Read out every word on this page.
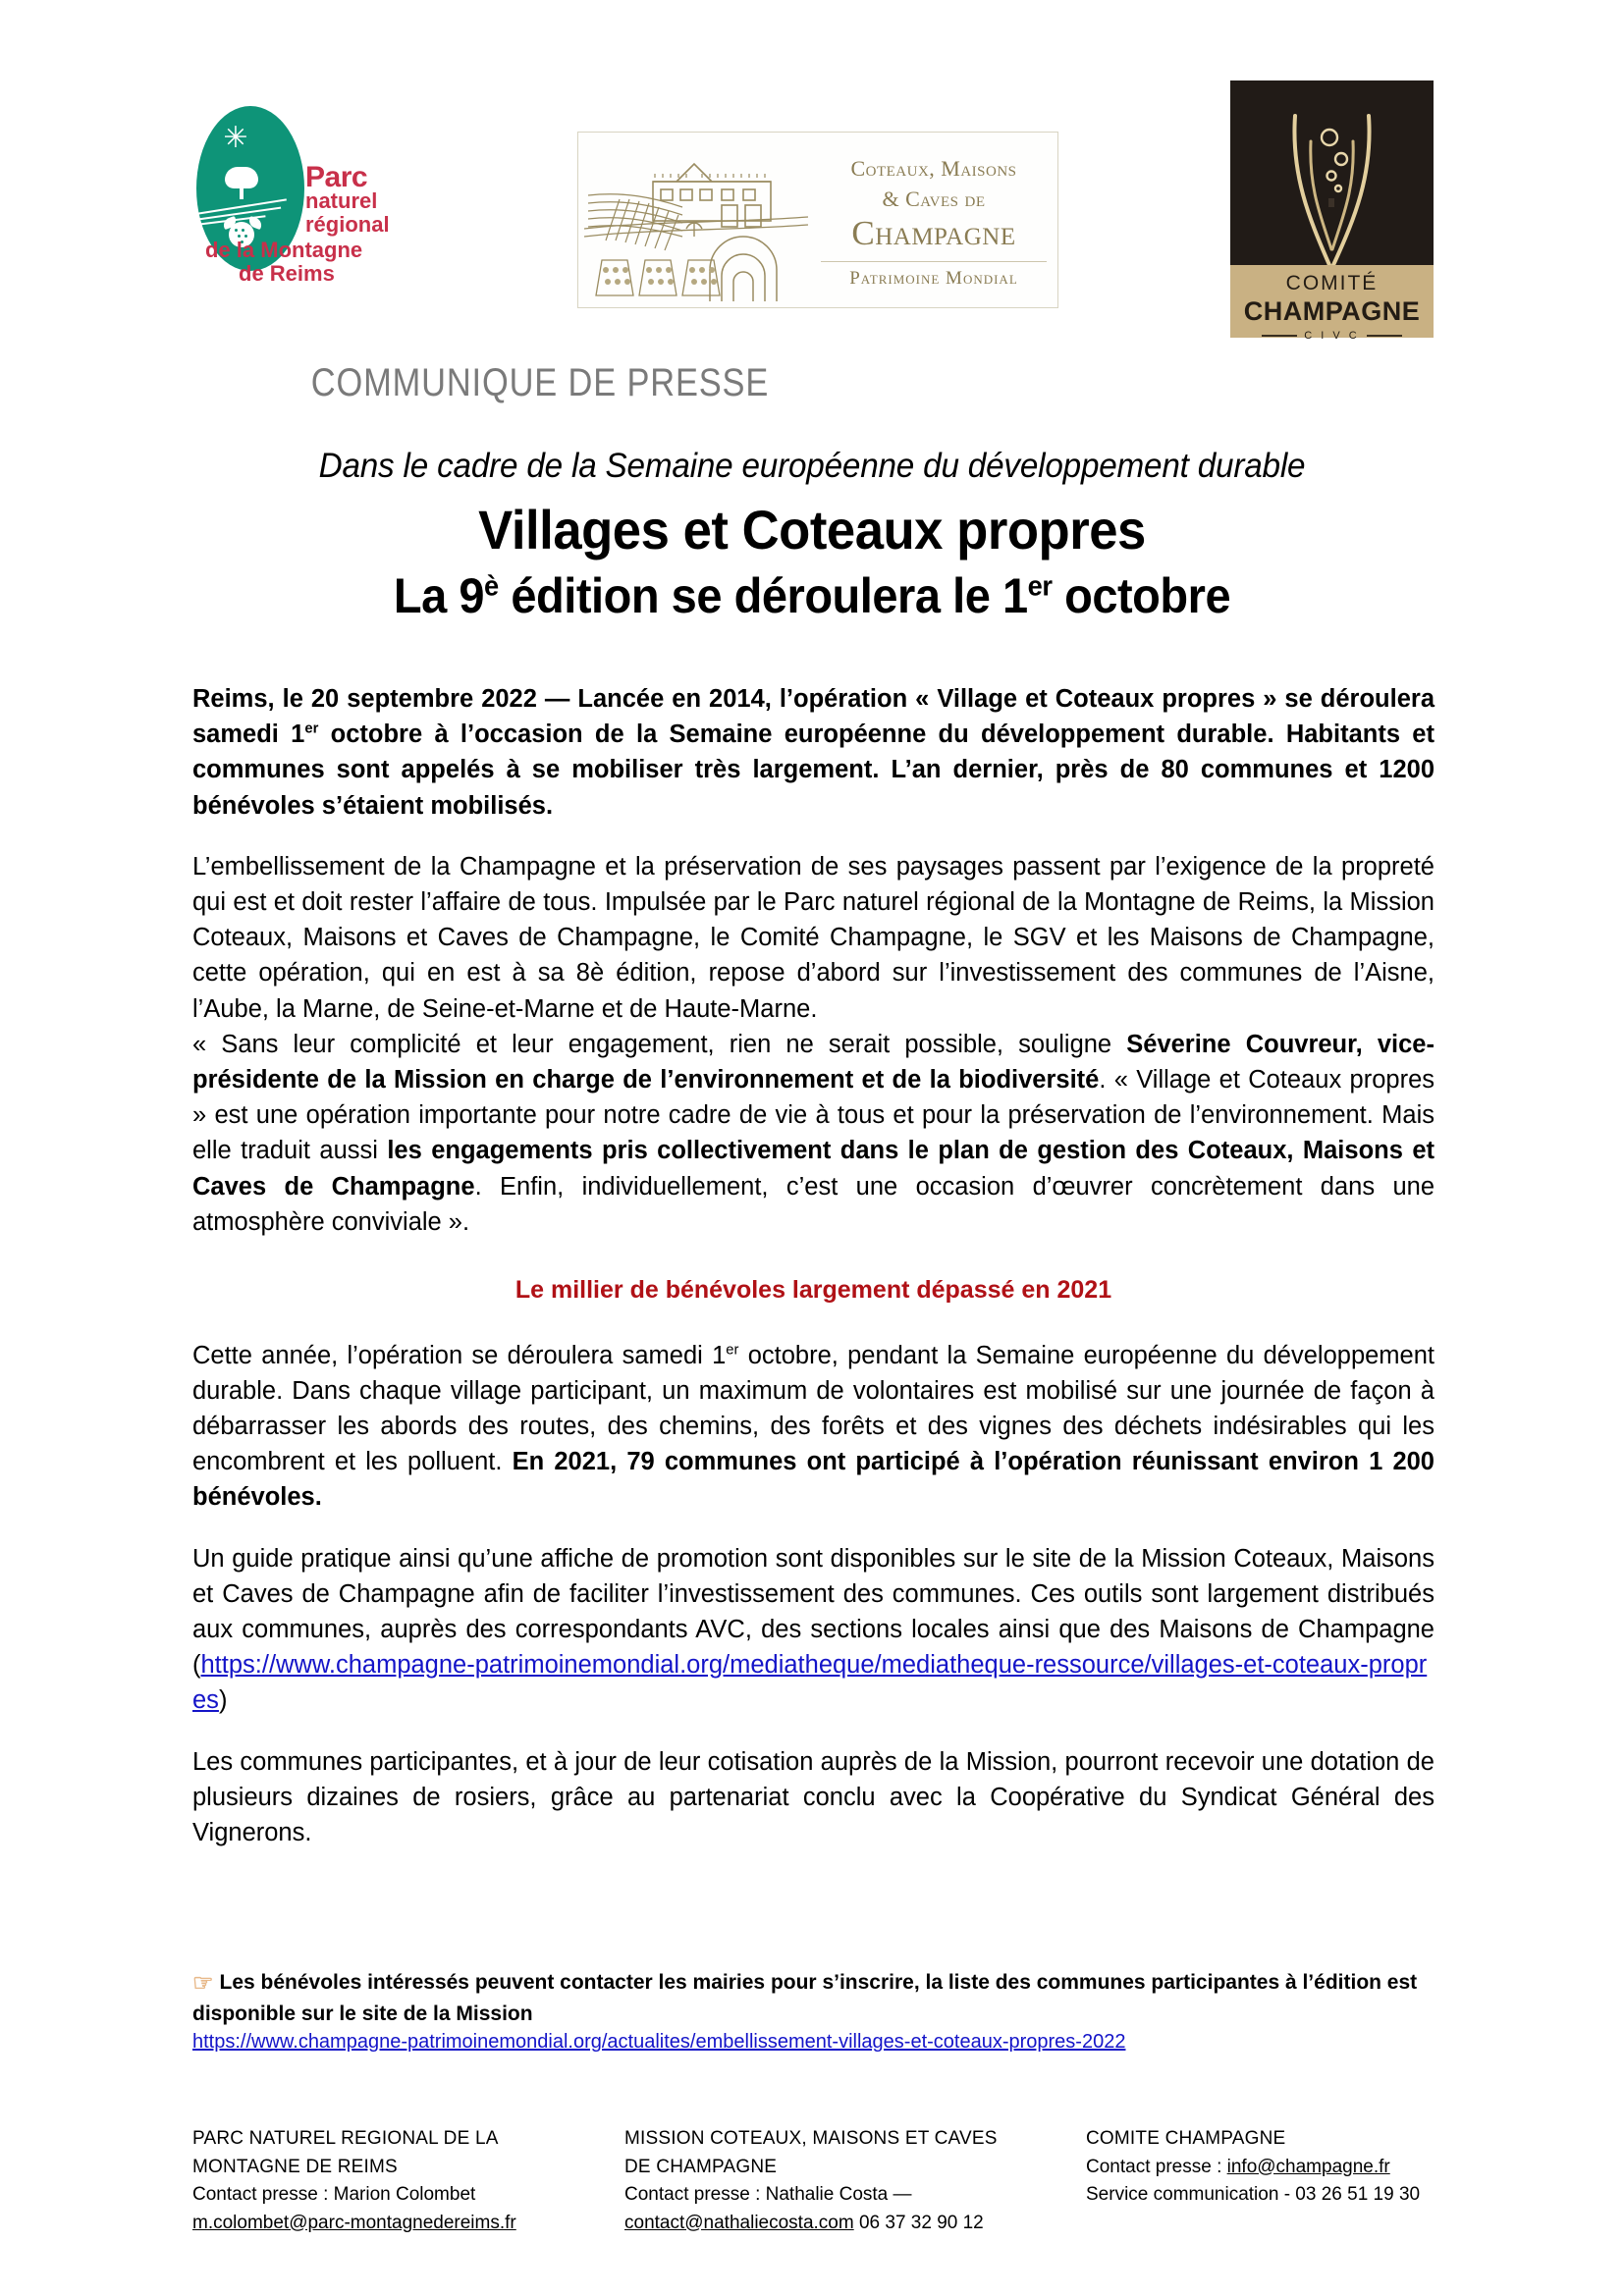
✳
Parc
naturel
régional
de la Montagne
de Reims
Coteaux, Maisons
& Caves de
Champagne
Patrimoine Mondial	COMITÉ
CHAMPAGNE
C I V C
COMMUNIQUE DE PRESSE
Dans le cadre de la Semaine européenne du développement durable
Villages et Coteaux propres
La $9^è$ édition se déroulera le 1er octobre

Reims, le 20 septembre 2022 — Lancée en 2014, l’opération « Village et Coteaux propres » se déroulera samedi 1er octobre à l’occasion de la Semaine européenne du développement durable. Habitants et communes sont appelés à se mobiliser très largement. L’an dernier, près de 80 communes et 1200 bénévoles s’étaient mobilisés.

L’embellissement de la Champagne et la préservation de ses paysages passent par l’exigence de la propreté qui est et doit rester l’affaire de tous. Impulsée par le Parc naturel régional de la Montagne de Reims, la Mission Coteaux, Maisons et Caves de Champagne, le Comité Champagne, le SGV et les Maisons de Champagne, cette opération, qui en est à sa 8è édition, repose d’abord sur l’investissement des communes de l’Aisne, l’Aube, la Marne, de Seine-et-Marne et de Haute-Marne.

« Sans leur complicité et leur engagement, rien ne serait possible, souligne Séverine Couvreur, vice-présidente de la Mission en charge de l’environnement et de la biodiversité. « Village et Coteaux propres » est une opération importante pour notre cadre de vie à tous et pour la préservation de l’environnement. Mais elle traduit aussi les engagements pris collectivement dans le plan de gestion des Coteaux, Maisons et Caves de Champagne. Enfin, individuellement, c’est une occasion d’œuvrer concrètement dans une atmosphère conviviale ».

Le millier de bénévoles largement dépassé en 2021

Cette année, l’opération se déroulera samedi 1er octobre, pendant la Semaine européenne du développement durable. Dans chaque village participant, un maximum de volontaires est mobilisé sur une journée de façon à débarrasser les abords des routes, des chemins, des forêts et des vignes des déchets indésirables qui les encombrent et les polluent. En 2021, 79 communes ont participé à l’opération réunissant environ 1 200 bénévoles.

Un guide pratique ainsi qu’une affiche de promotion sont disponibles sur le site de la Mission Coteaux, Maisons et Caves de Champagne afin de faciliter l’investissement des communes. Ces outils sont largement distribués aux communes, auprès des correspondants AVC, des sections locales ainsi que des Maisons de Champagne (https://www.champagne-patrimoinemondial.org/mediatheque/mediatheque-ressource/villages-et-coteaux-propres)

Les communes participantes, et à jour de leur cotisation auprès de la Mission, pourront recevoir une dotation de plusieurs dizaines de rosiers, grâce au partenariat conclu avec la Coopérative du Syndicat Général des Vignerons.

☞ Les bénévoles intéressés peuvent contacter les mairies pour s’inscrire, la liste des communes participantes à l’édition est disponible sur le site de la Mission
https://www.champagne-patrimoinemondial.org/actualites/embellissement-villages-et-coteaux-propres-2022
PARC NATUREL REGIONAL DE LA
MONTAGNE DE REIMS
Contact presse : Marion Colombet
m.colombet@parc-montagnedereims.fr
MISSION COTEAUX, MAISONS ET CAVES
DE CHAMPAGNE
Contact presse : Nathalie Costa —
contact@nathaliecosta.com 06 37 32 90 12
COMITE CHAMPAGNE
Contact presse : info@champagne.fr
Service communication - 03 26 51 19 30
